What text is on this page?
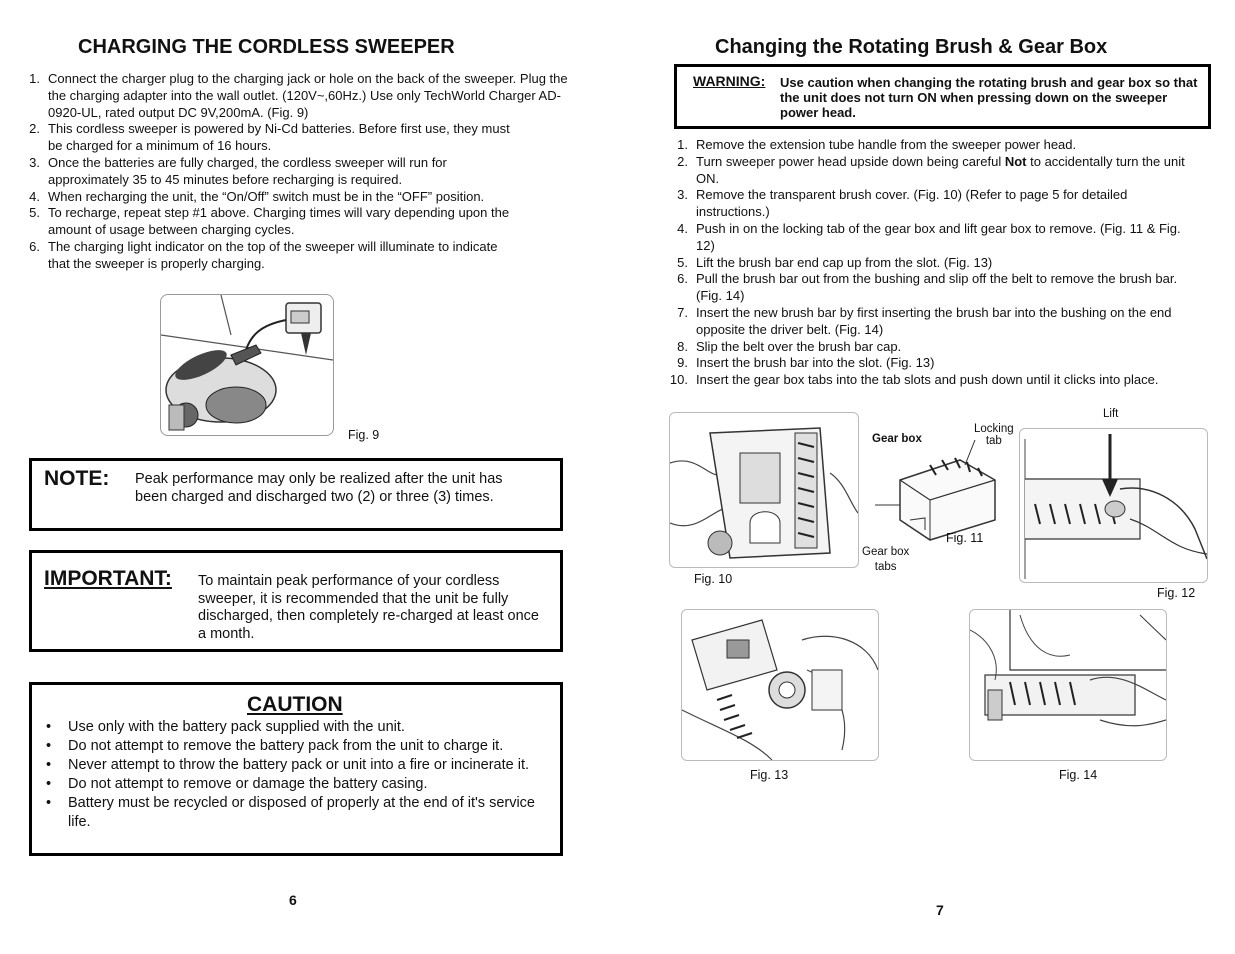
CHARGING THE CORDLESS SWEEPER
1. Connect the charger plug to the charging jack or hole on the back of the sweeper. Plug the the charging adapter into the wall outlet. (120V~,60Hz.) Use only TechWorld Charger AD-0920-UL, rated output DC 9V,200mA. (Fig. 9)
2. This cordless sweeper is powered by Ni-Cd batteries. Before first use, they must be charged for a minimum of 16 hours.
3. Once the batteries are fully charged, the cordless sweeper will run for approximately 35 to 45 minutes before recharging is required.
4. When recharging the unit, the “On/Off” switch must be in the “OFF” position.
5. To recharge, repeat step #1 above. Charging times will vary depending upon the amount of usage between charging cycles.
6. The charging light indicator on the top of the sweeper will illuminate to indicate that the sweeper is properly charging.
Fig. 9
NOTE: Peak performance may only be realized after the unit has been charged and discharged two (2) or three (3) times.
IMPORTANT: To maintain peak performance of your cordless sweeper, it is recommended that the unit be fully discharged, then completely re-charged at least once a month.
CAUTION
• Use only with the battery pack supplied with the unit.
• Do not attempt to remove the battery pack from the unit to charge it.
• Never attempt to throw the battery pack or unit into a fire or incinerate it.
• Do not attempt to remove or damage the battery casing.
• Battery must be recycled or disposed of properly at the end of it's service life.
6
Changing the Rotating Brush & Gear Box
WARNING: Use caution when changing the rotating brush and gear box so that the unit does not turn ON when pressing down on the sweeper power head.
1. Remove the extension tube handle from the sweeper power head.
2. Turn sweeper power head upside down being careful Not to accidentally turn the unit ON.
3. Remove the transparent brush cover. (Fig. 10) (Refer to page 5 for detailed instructions.)
4. Push in on the locking tab of the gear box and lift gear box to remove. (Fig. 11 & Fig. 12)
5. Lift the brush bar end cap up from the slot. (Fig. 13)
6. Pull the brush bar out from the bushing and slip off the belt to remove the brush bar. (Fig. 14)
7. Insert the new brush bar by first inserting the brush bar into the bushing on the end opposite the driver belt. (Fig. 14)
8. Slip the belt over the brush bar cap.
9. Insert the brush bar into the slot. (Fig. 13)
10. Insert the gear box tabs into the tab slots and push down until it clicks into place.
Fig. 10
Gear box
Locking
tab
Gear box
tabs
Fig. 11
Lift
Fig. 12
Fig. 13	Fig. 14
7
